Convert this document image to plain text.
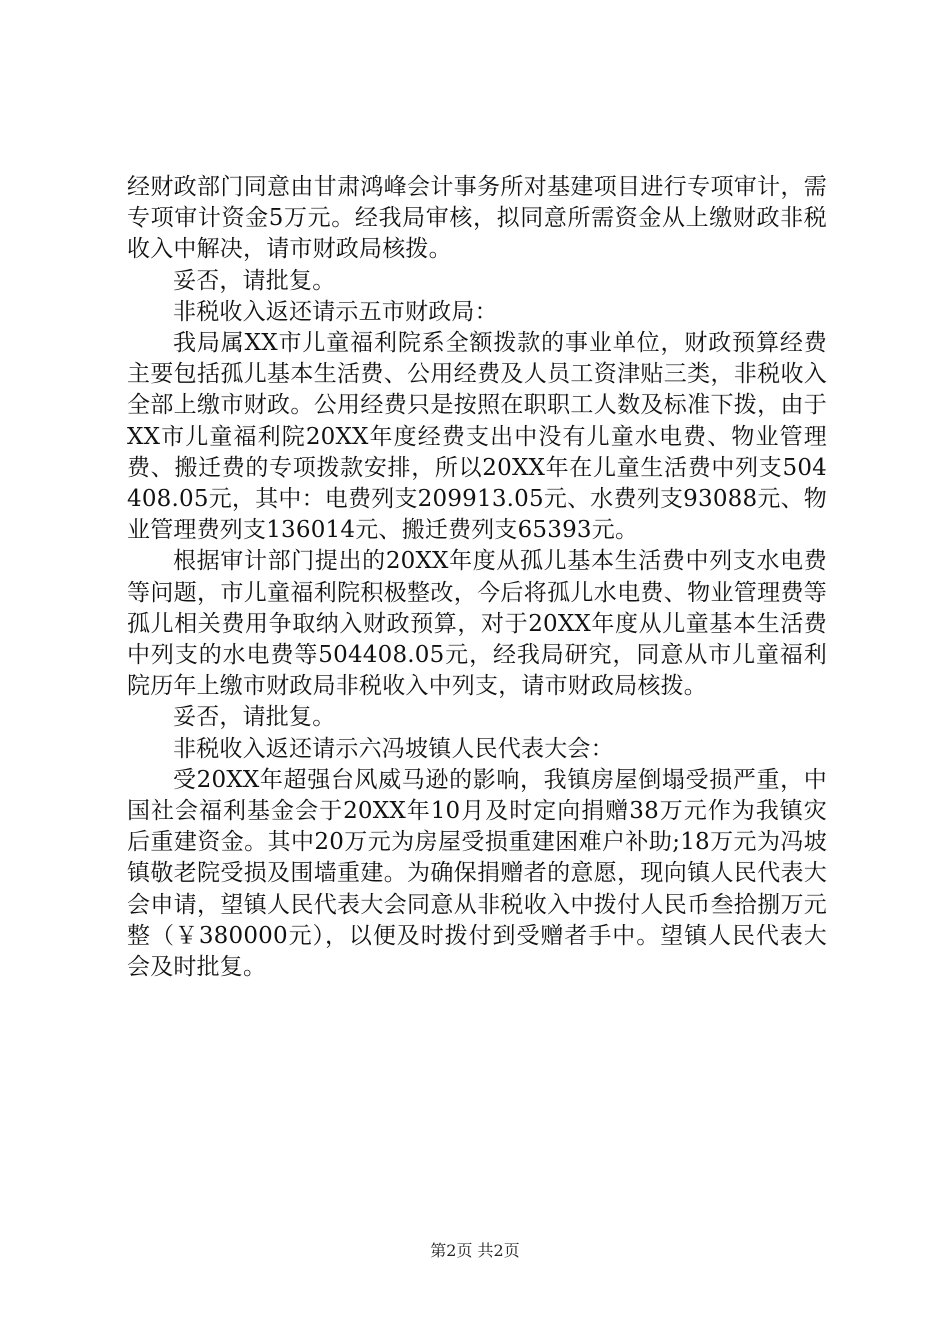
经财政部门同意由甘肃鸿峰会计事务所对基建项目进行专项审计，需专项审计资金5万元。经我局审核，拟同意所需资金从上缴财政非税收入中解决，请市财政局核拨。

妥否，请批复。

非税收入返还请示五市财政局：

我局属XX市儿童福利院系全额拨款的事业单位，财政预算经费主要包括孤儿基本生活费、公用经费及人员工资津贴三类，非税收入全部上缴市财政。公用经费只是按照在职职工人数及标准下拨，由于XX市儿童福利院20XX年度经费支出中没有儿童水电费、物业管理费、搬迁费的专项拨款安排，所以20XX年在儿童生活费中列支504408.05元，其中：电费列支209913.05元、水费列支93088元、物业管理费列支136014元、搬迁费列支65393元。

根据审计部门提出的20XX年度从孤儿基本生活费中列支水电费等问题，市儿童福利院积极整改，今后将孤儿水电费、物业管理费等孤儿相关费用争取纳入财政预算，对于20XX年度从儿童基本生活费中列支的水电费等504408.05元，经我局研究，同意从市儿童福利院历年上缴市财政局非税收入中列支，请市财政局核拨。

妥否，请批复。

非税收入返还请示六冯坡镇人民代表大会：

受20XX年超强台风威马逊的影响，我镇房屋倒塌受损严重，中国社会福利基金会于20XX年10月及时定向捐赠38万元作为我镇灾后重建资金。其中20万元为房屋受损重建困难户补助;18万元为冯坡镇敬老院受损及围墙重建。为确保捐赠者的意愿，现向镇人民代表大会申请，望镇人民代表大会同意从非税收入中拨付人民币叁拾捌万元整（￥380000元），以便及时拨付到受赠者手中。望镇人民代表大会及时批复。

第2页 共2页
